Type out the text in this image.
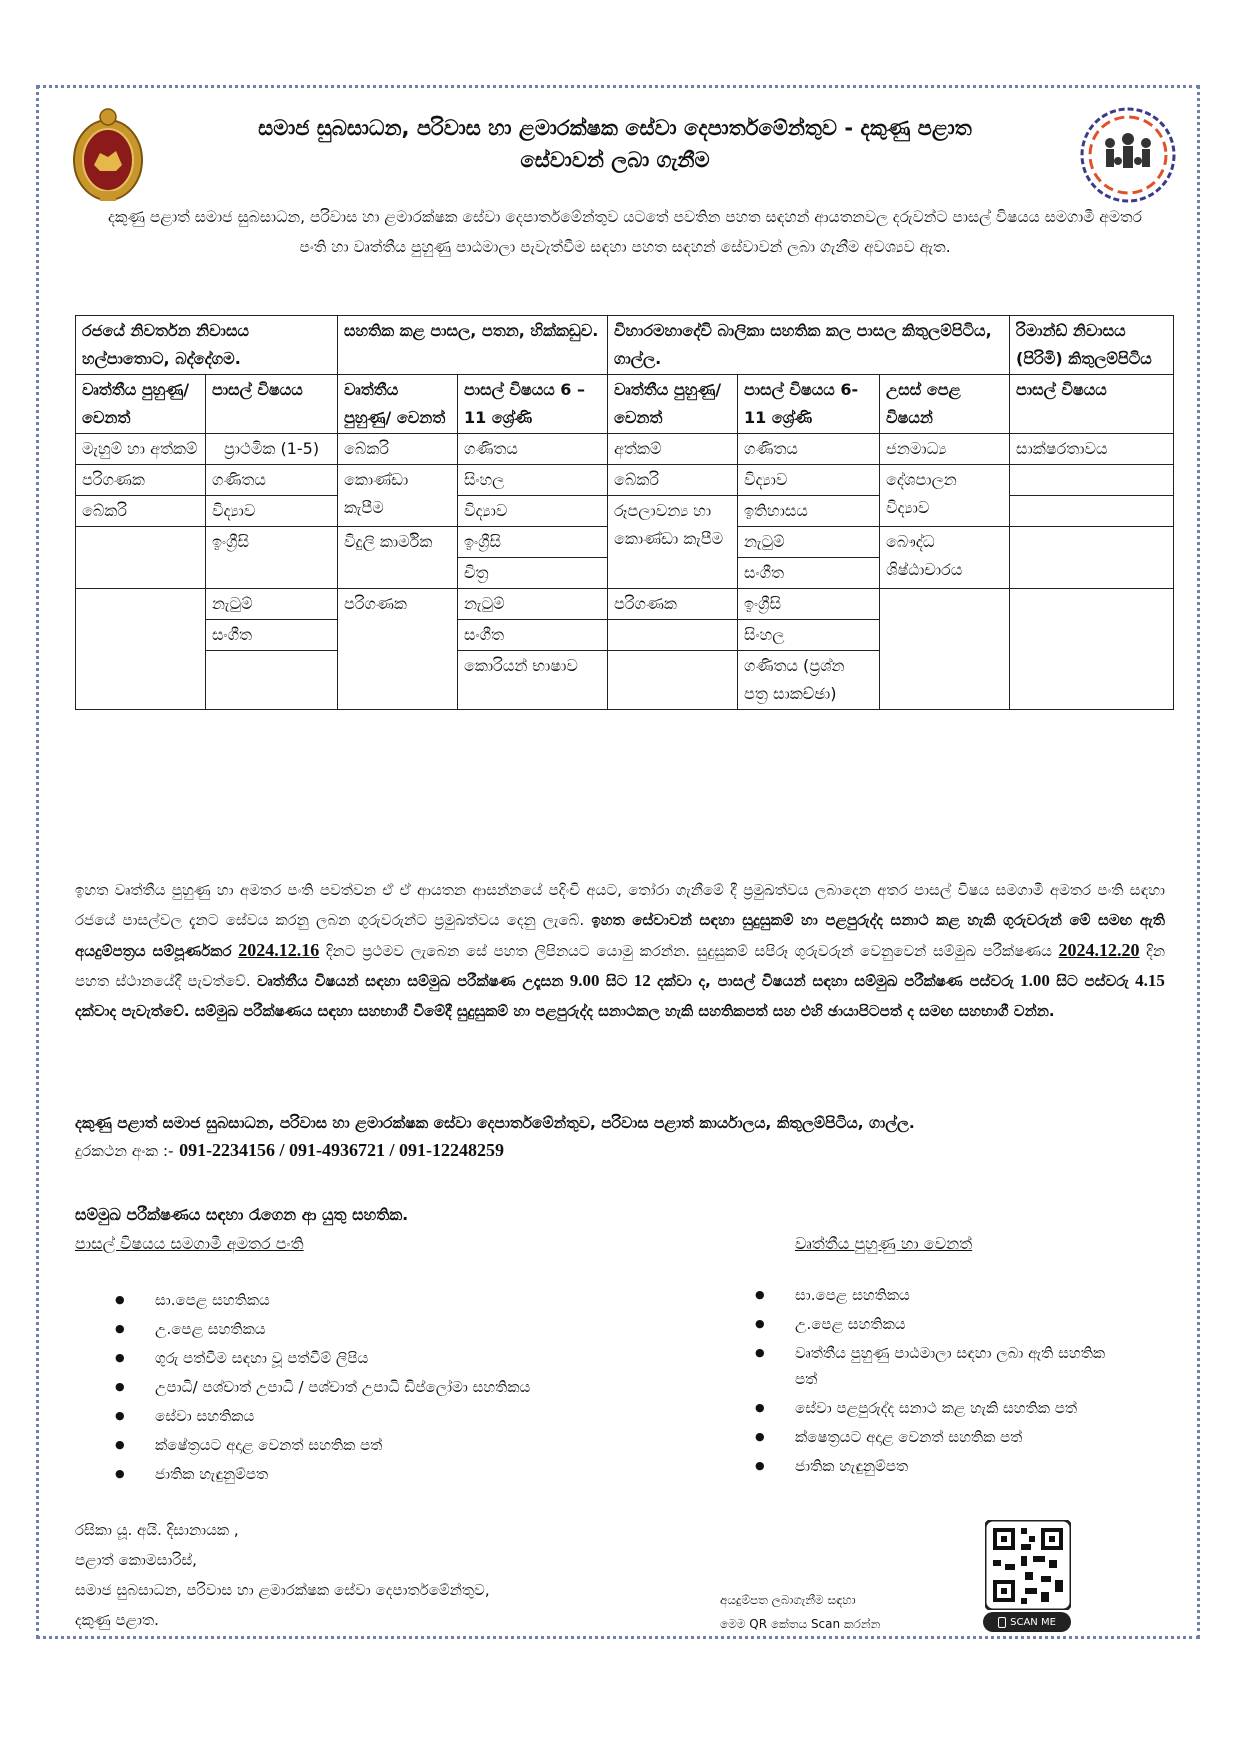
සමාජ සුබසාධන, පරිවාස හා ළමාරක්ෂක සේවා දෙපාර්තමේන්තුව - දකුණු පළාත
සේවාවන් ලබා ගැනීම
දකුණු පළාත් සමාජ සුබසාධන, පරිවාස හා ළමාරක්ෂක සේවා දෙපාර්තමේන්තුව යටතේ පවතින පහත සඳහන් ආයතනවල දරුවන්ට පාසල් විෂයය සමගාමී අමතර පංති හා වෘත්තීය පුහුණු පාඨමාලා පැවැත්වීම සඳහා පහත සඳහන් සේවාවන් ලබා ගැනීම අවශ්‍යව ඇත.
රජයේ නිවර්තන නිවාසය හල්පාතොට, බද්දේගම.		සහතික කළ පාසල, පතන, හික්කඩුව.		විහාරමහාදේවි බාලිකා සහතික කල පාසල කිතුලම්පිටිය, ගාල්ල.			රිමාන්ඩ් නිවාසය (පිරිමි) කිතුලම්පිටිය
වෘත්තීය පුහුණු/ වෙනත්	පාසල් විෂයය	වෘත්තීය පුහුණු/ වෙනත්	පාසල් විෂයය 6 – 11 ශ්‍රේණි	වෘත්තීය පුහුණු/ වෙනත්	පාසල් විෂයය 6-11 ශ්‍රේණි	උසස් පෙළ විෂයන්	පාසල් විෂයය
මැහුම් හා අත්කම්	ප්‍රාථමික (1-5)	බේකරි	ගණිතය	අත්කම්	ගණිතය	ජනමාධ්‍ය	සාක්ෂරතාවය
පරිගණක	ගණිතය	කොණ්ඩා කැපීම	සිංහල	බේකරි	විද්‍යාව	දේශපාලන විද්‍යාව	
බේකරි	විද්‍යාව		විද්‍යාව	රූපලාවන්‍ය හා කොණ්ඩා කැපීම	ඉතිහාසය		
	ඉංග්‍රීසි	විදුලි කාර්මික	ඉංග්‍රීසි		නැටුම්	බෞද්ධ ශිෂ්ඨාචාරය	
			චිත්‍ර		සංගීත		
	නැටුම්	පරිගණක	නැටුම්	පරිගණක	ඉංග්‍රීසි		
	සංගීත		සංගීත		සිංහල		
			කොරියන් භාෂාව		ගණිතය (ප්‍රශ්න පත්‍ර සාකච්ඡා)		

ඉහත වෘත්තීය පුහුණු හා අමතර පංති පවත්වන ඒ ඒ ආයතන ආසන්නයේ පදිංචි අයට, තෝරා ගැනීමේ දී ප්‍රමුඛත්වය ලබාදෙන අතර පාසල් විෂය සමගාමී අමතර පංති සඳහා රජයේ පාසල්වල දැනට සේවය කරනු ලබන ගුරුවරුන්ට ප්‍රමුඛත්වය දෙනු ලැබේ. ඉහත සේවාවන් සඳහා සුදුසුකම් හා පළපුරුද්ද සනාථ කළ හැකි ගුරුවරුන් මේ සමඟ ඇති අයදුම්පත්‍රය සම්පූර්ණකර 2024.12.16 දිනට ප්‍රථමව ලැබෙන සේ පහත ලිපිනයට යොමු කරන්න. සුදුසුකම් සපිරූ ගුරුවරුන් වෙනුවෙන් සම්මුඛ පරීක්ෂණය 2024.12.20 දින පහත ස්ථානයේදී පැවත්වේ. වෘත්තීය විෂයන් සඳහා සම්මුඛ පරීක්ෂණ උදෑසන 9.00 සිට 12 දක්වා ද, පාසල් විෂයන් සඳහා සම්මුඛ පරීක්ෂණ පස්වරු 1.00 සිට පස්වරු 4.15 දක්වාද පැවැත්වේ. සම්මුඛ පරීක්ෂණය සඳහා සහභාගී වීමේදී සුදුසුකම් හා පළපුරුද්ද සනාථකල හැකි සහතිකපත් සහ එහි ඡායාපිටපත් ද සමඟ සහභාගී වන්න.
දකුණු පළාත් සමාජ සුබසාධන, පරිවාස හා ළමාරක්ෂක සේවා දෙපාර්තමේන්තුව, පරිවාස පළාත් කාර්යාලය, කිතුලම්පිටිය, ගාල්ල.
දුරකථන අංක :- 091-2234156 / 091-4936721 / 091-12248259
සම්මුඛ පරීක්ෂණය සඳහා රැගෙන ආ යුතු සහතික.
පාසල් විෂයය සමගාමී අමතර පංති	වෘත්තීය පුහුණු හා වෙනත්
● සා.පෙළ සහතිකය
● උ.පෙළ සහතිකය
● ගුරු පත්වීම සඳහා වූ පත්වීම් ලිපිය
● උපාධි/ පශ්චාත් උපාධි / පශ්චාත් උපාධි ඩිප්ලෝමා සහතිකය
● සේවා සහතිකය
● ක්ෂේත්‍රයට අදාළ වෙනත් සහතික පත්
● ජාතික හැඳුනුම්පත
● සා.පෙළ සහතිකය
● උ.පෙළ සහතිකය
● වෘත්තීය පුහුණු පාඨමාලා සඳහා ලබා ඇති සහතික පත්
● සේවා පළපුරුද්ද සනාථ කළ හැකි සහතික පත්
● ක්ෂෙත්‍රයට අදාළ වෙනත් සහතික පත්
● ජාතික හැඳුනුම්පත
රසිකා යූ. අයි. දිසානායක ,
පළාත් කොමසාරිස්,
සමාජ සුබසාධන, පරිවාස හා ළමාරක්ෂක සේවා දෙපාර්තමේන්තුව,
දකුණු පළාත.
අයදුම්පත ලබාගැනීම සඳහා
මෙම QR කේතය Scan කරන්න	SCAN ME
